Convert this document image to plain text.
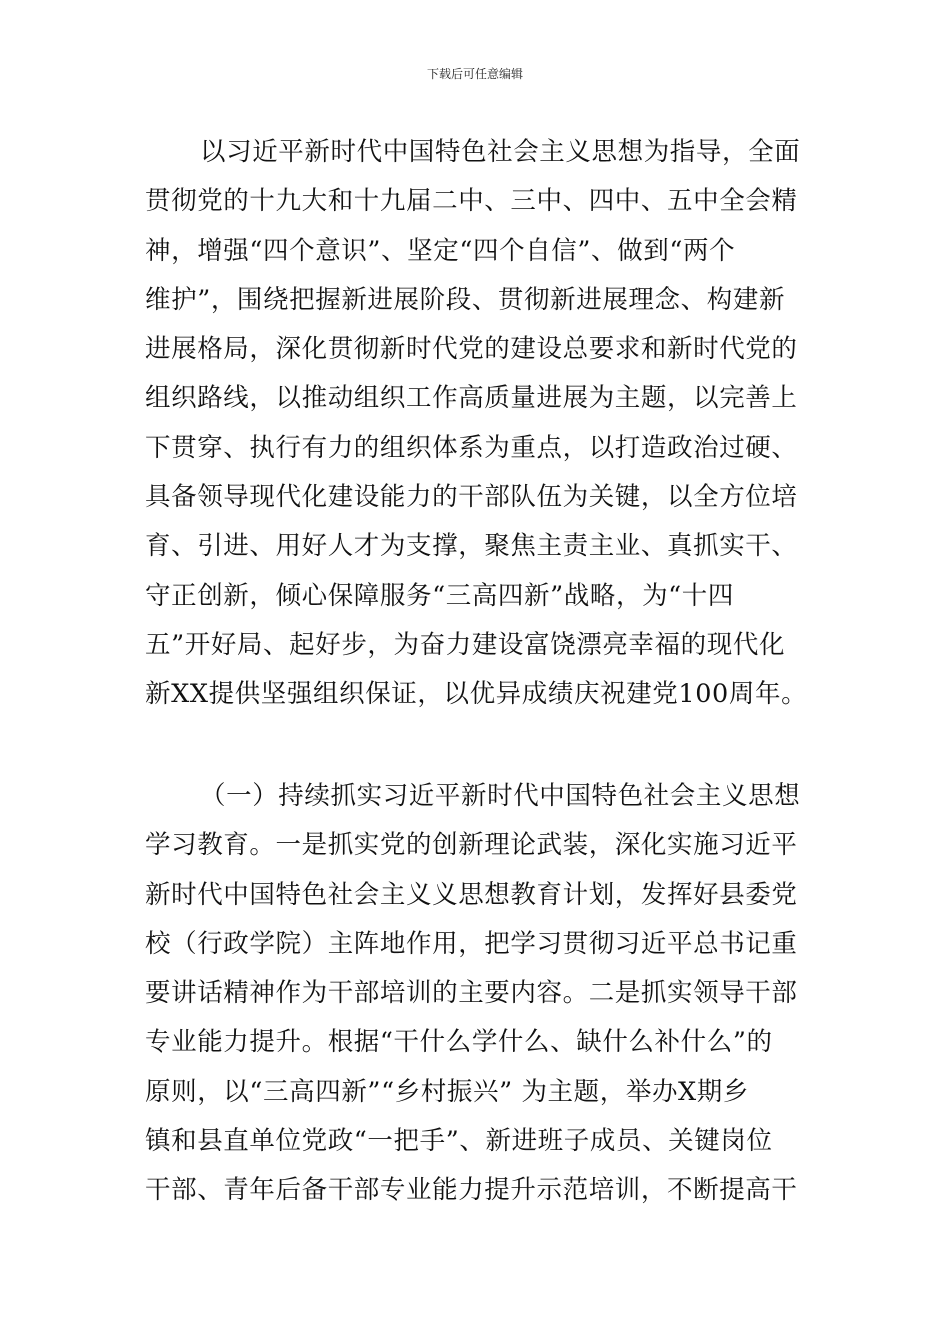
下载后可任意编辑
以习近平新时代中国特色社会主义思想为指导，全面
贯彻党的十九大和十九届二中、三中、四中、五中全会精
神，增强“四个意识”、坚定“四个自信”、做到“两个
维护”，围绕把握新进展阶段、贯彻新进展理念、构建新
进展格局，深化贯彻新时代党的建设总要求和新时代党的
组织路线，以推动组织工作高质量进展为主题，以完善上
下贯穿、执行有力的组织体系为重点，以打造政治过硬、
具备领导现代化建设能力的干部队伍为关键，以全方位培
育、引进、用好人才为支撑，聚焦主责主业、真抓实干、
守正创新，倾心保障服务“三高四新”战略，为“十四
五”开好局、起好步，为奋力建设富饶漂亮幸福的现代化
新XX提供坚强组织保证，以优异成绩庆祝建党100周年。
（一）持续抓实习近平新时代中国特色社会主义思想
学习教育。一是抓实党的创新理论武装，深化实施习近平
新时代中国特色社会主义义思想教育计划，发挥好县委党
校（行政学院）主阵地作用，把学习贯彻习近平总书记重
要讲话精神作为干部培训的主要内容。二是抓实领导干部
专业能力提升。根据“干什么学什么、缺什么补什么”的
原则，以“三高四新”“乡村振兴” 为主题，举办X期乡
镇和县直单位党政“一把手”、新进班子成员、关键岗位
干部、青年后备干部专业能力提升示范培训，不断提高干
